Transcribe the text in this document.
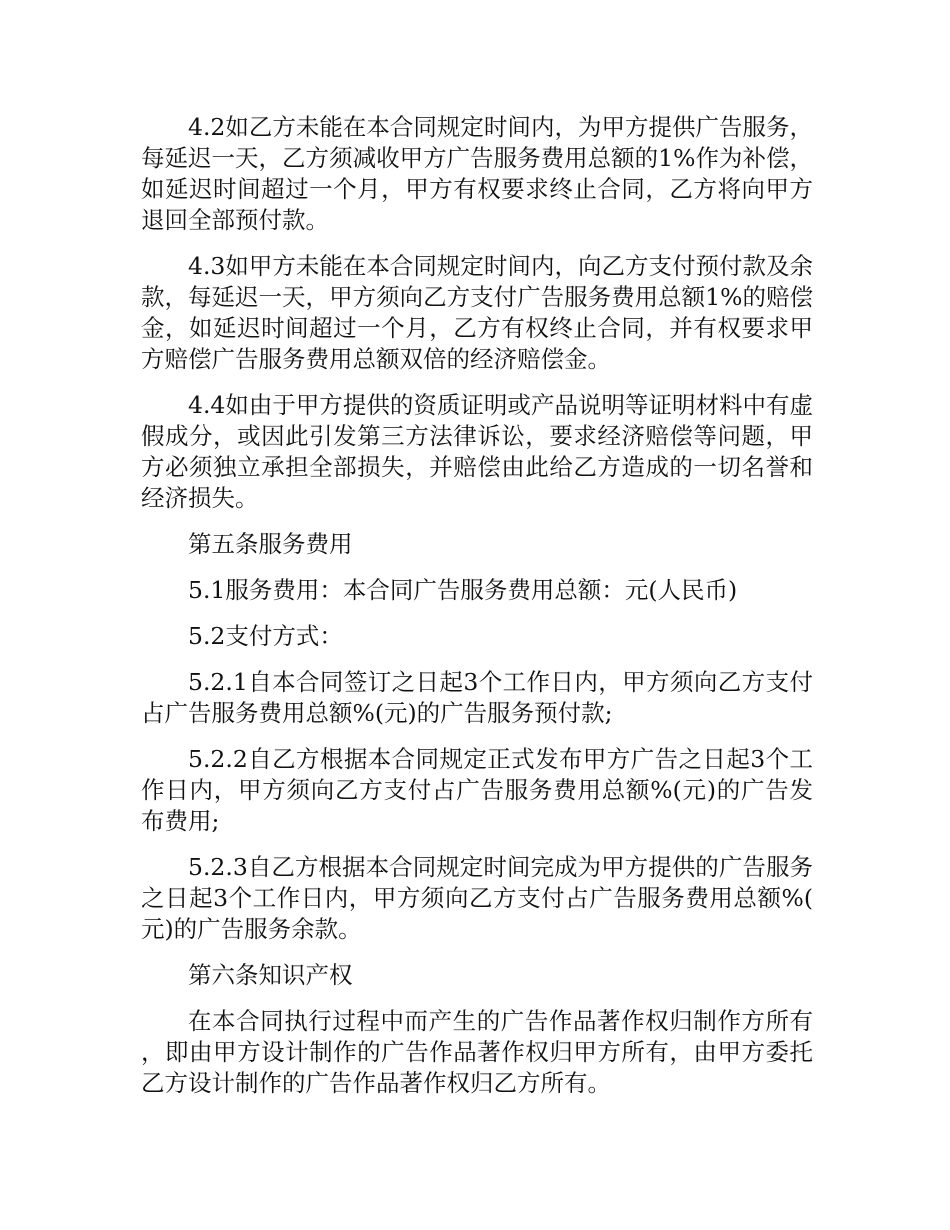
4.2如乙方未能在本合同规定时间内，为甲方提供广告服务，每延迟一天，乙方须减收甲方广告服务费用总额的1%作为补偿，如延迟时间超过一个月，甲方有权要求终止合同，乙方将向甲方退回全部预付款。

4.3如甲方未能在本合同规定时间内，向乙方支付预付款及余款，每延迟一天，甲方须向乙方支付广告服务费用总额1%的赔偿金，如延迟时间超过一个月，乙方有权终止合同，并有权要求甲方赔偿广告服务费用总额双倍的经济赔偿金。

4.4如由于甲方提供的资质证明或产品说明等证明材料中有虚假成分，或因此引发第三方法律诉讼，要求经济赔偿等问题，甲方必须独立承担全部损失，并赔偿由此给乙方造成的一切名誉和经济损失。

第五条服务费用

5.1服务费用：本合同广告服务费用总额：元(人民币)

5.2支付方式：

5.2.1自本合同签订之日起3个工作日内，甲方须向乙方支付占广告服务费用总额%(元)的广告服务预付款;

5.2.2自乙方根据本合同规定正式发布甲方广告之日起3个工作日内，甲方须向乙方支付占广告服务费用总额%(元)的广告发布费用;

5.2.3自乙方根据本合同规定时间完成为甲方提供的广告服务之日起3个工作日内，甲方须向乙方支付占广告服务费用总额%(元)的广告服务余款。

第六条知识产权

在本合同执行过程中而产生的广告作品著作权归制作方所有，即由甲方设计制作的广告作品著作权归甲方所有，由甲方委托乙方设计制作的广告作品著作权归乙方所有。
